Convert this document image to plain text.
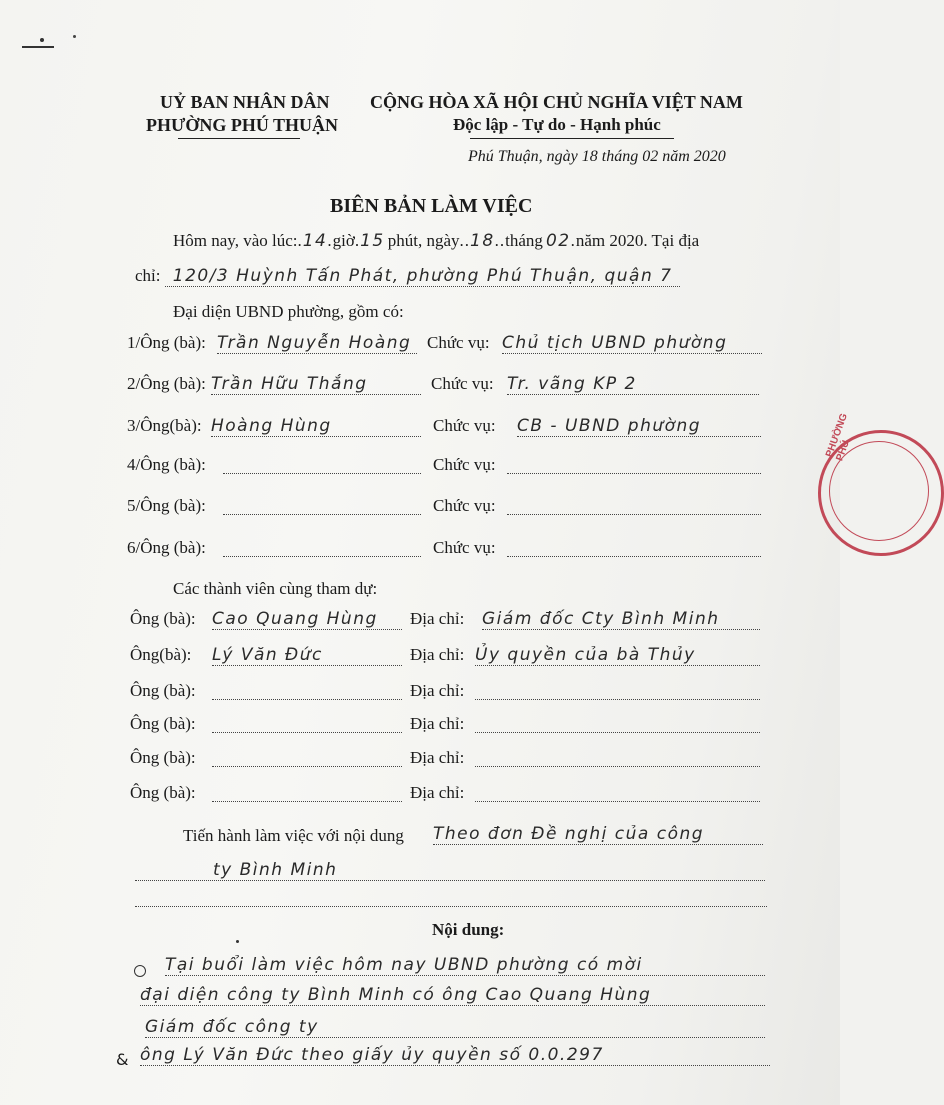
UỶ BAN NHÂN DÂN
PHƯỜNG PHÚ THUẬN
CỘNG HÒA XÃ HỘI CHỦ NGHĨA VIỆT NAM
Độc lập - Tự do - Hạnh phúc
Phú Thuận, ngày 18 tháng 02 năm 2020
BIÊN BẢN LÀM VIỆC
Hôm nay, vào lúc:.14.giờ.15 phút, ngày..18..tháng 02.năm 2020. Tại địa
chỉ: 120/3 Huỳnh Tấn Phát, phường Phú Thuận, quận 7
Đại diện UBND phường, gồm có:
1/Ông (bà): Trần Nguyễn Hoàng Chức vụ: Chủ tịch UBND phường
2/Ông (bà): Trần Hữu Thắng	Chức vụ: Tr. vãng KP 2
3/Ông(bà): Hoàng Hùng	Chức vụ: CB - UBND phường
4/Ông (bà):	Chức vụ:
5/Ông (bà):	Chức vụ:
6/Ông (bà):	Chức vụ:
Các thành viên cùng tham dự:
Ông (bà): Cao Quang Hùng	Địa chỉ: Giám đốc Cty Bình Minh
Ông(bà): Lý Văn Đức	Địa chỉ: Ủy quyền của bà Thủy
Ông (bà):	Địa chỉ:
Ông (bà):	Địa chỉ:
Ông (bà):	Địa chỉ:
Ông (bà):	Địa chỉ:
Tiến hành làm việc với nội dung Theo đơn Đề nghị của công
ty Bình Minh
Nội dung:
Tại buổi làm việc hôm nay UBND phường có mời
đại diện công ty Bình Minh có ông Cao Quang Hùng
Giám đốc công ty
& ông Lý Văn Đức theo giấy ủy quyền số 0.0.297
PHƯỜNG PHÚ
